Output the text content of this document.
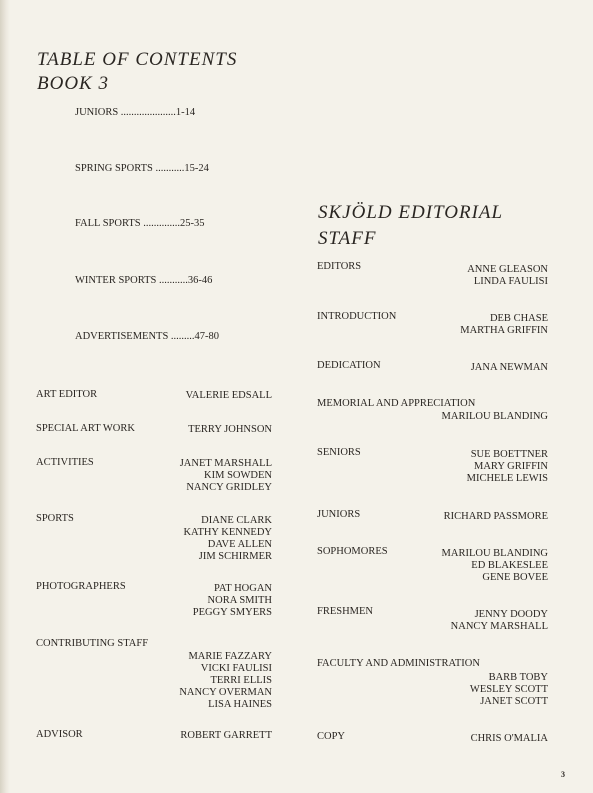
TABLE OF CONTENTS
BOOK 3
JUNIORS .....................1-14
SPRING SPORTS ...........15-24
FALL SPORTS ..............25-35
WINTER SPORTS ...........36-46
ADVERTISEMENTS .........47-80
ART EDITOR	VALERIE EDSALL
SPECIAL ART WORK	TERRY JOHNSON
ACTIVITIES	JANET MARSHALL
KIM SOWDEN
NANCY GRIDLEY
SPORTS	DIANE CLARK
KATHY KENNEDY
DAVE ALLEN
JIM SCHIRMER
PHOTOGRAPHERS	PAT HOGAN
NORA SMITH
PEGGY SMYERS
CONTRIBUTING STAFF
MARIE FAZZARY
VICKI FAULISI
TERRI ELLIS
NANCY OVERMAN
LISA HAINES
ADVISOR	ROBERT GARRETT
SKJÖLD EDITORIAL
STAFF
EDITORS	ANNE GLEASON
LINDA FAULISI
INTRODUCTION	DEB CHASE
MARTHA GRIFFIN
DEDICATION	JANA NEWMAN
MEMORIAL AND APPRECIATION
MARILOU BLANDING
SENIORS	SUE BOETTNER
MARY GRIFFIN
MICHELE LEWIS
JUNIORS	RICHARD PASSMORE
SOPHOMORES	MARILOU BLANDING
ED BLAKESLEE
GENE BOVEE
FRESHMEN	JENNY DOODY
NANCY MARSHALL
FACULTY AND ADMINISTRATION
BARB TOBY
WESLEY SCOTT
JANET SCOTT
COPY	CHRIS O'MALIA
3
